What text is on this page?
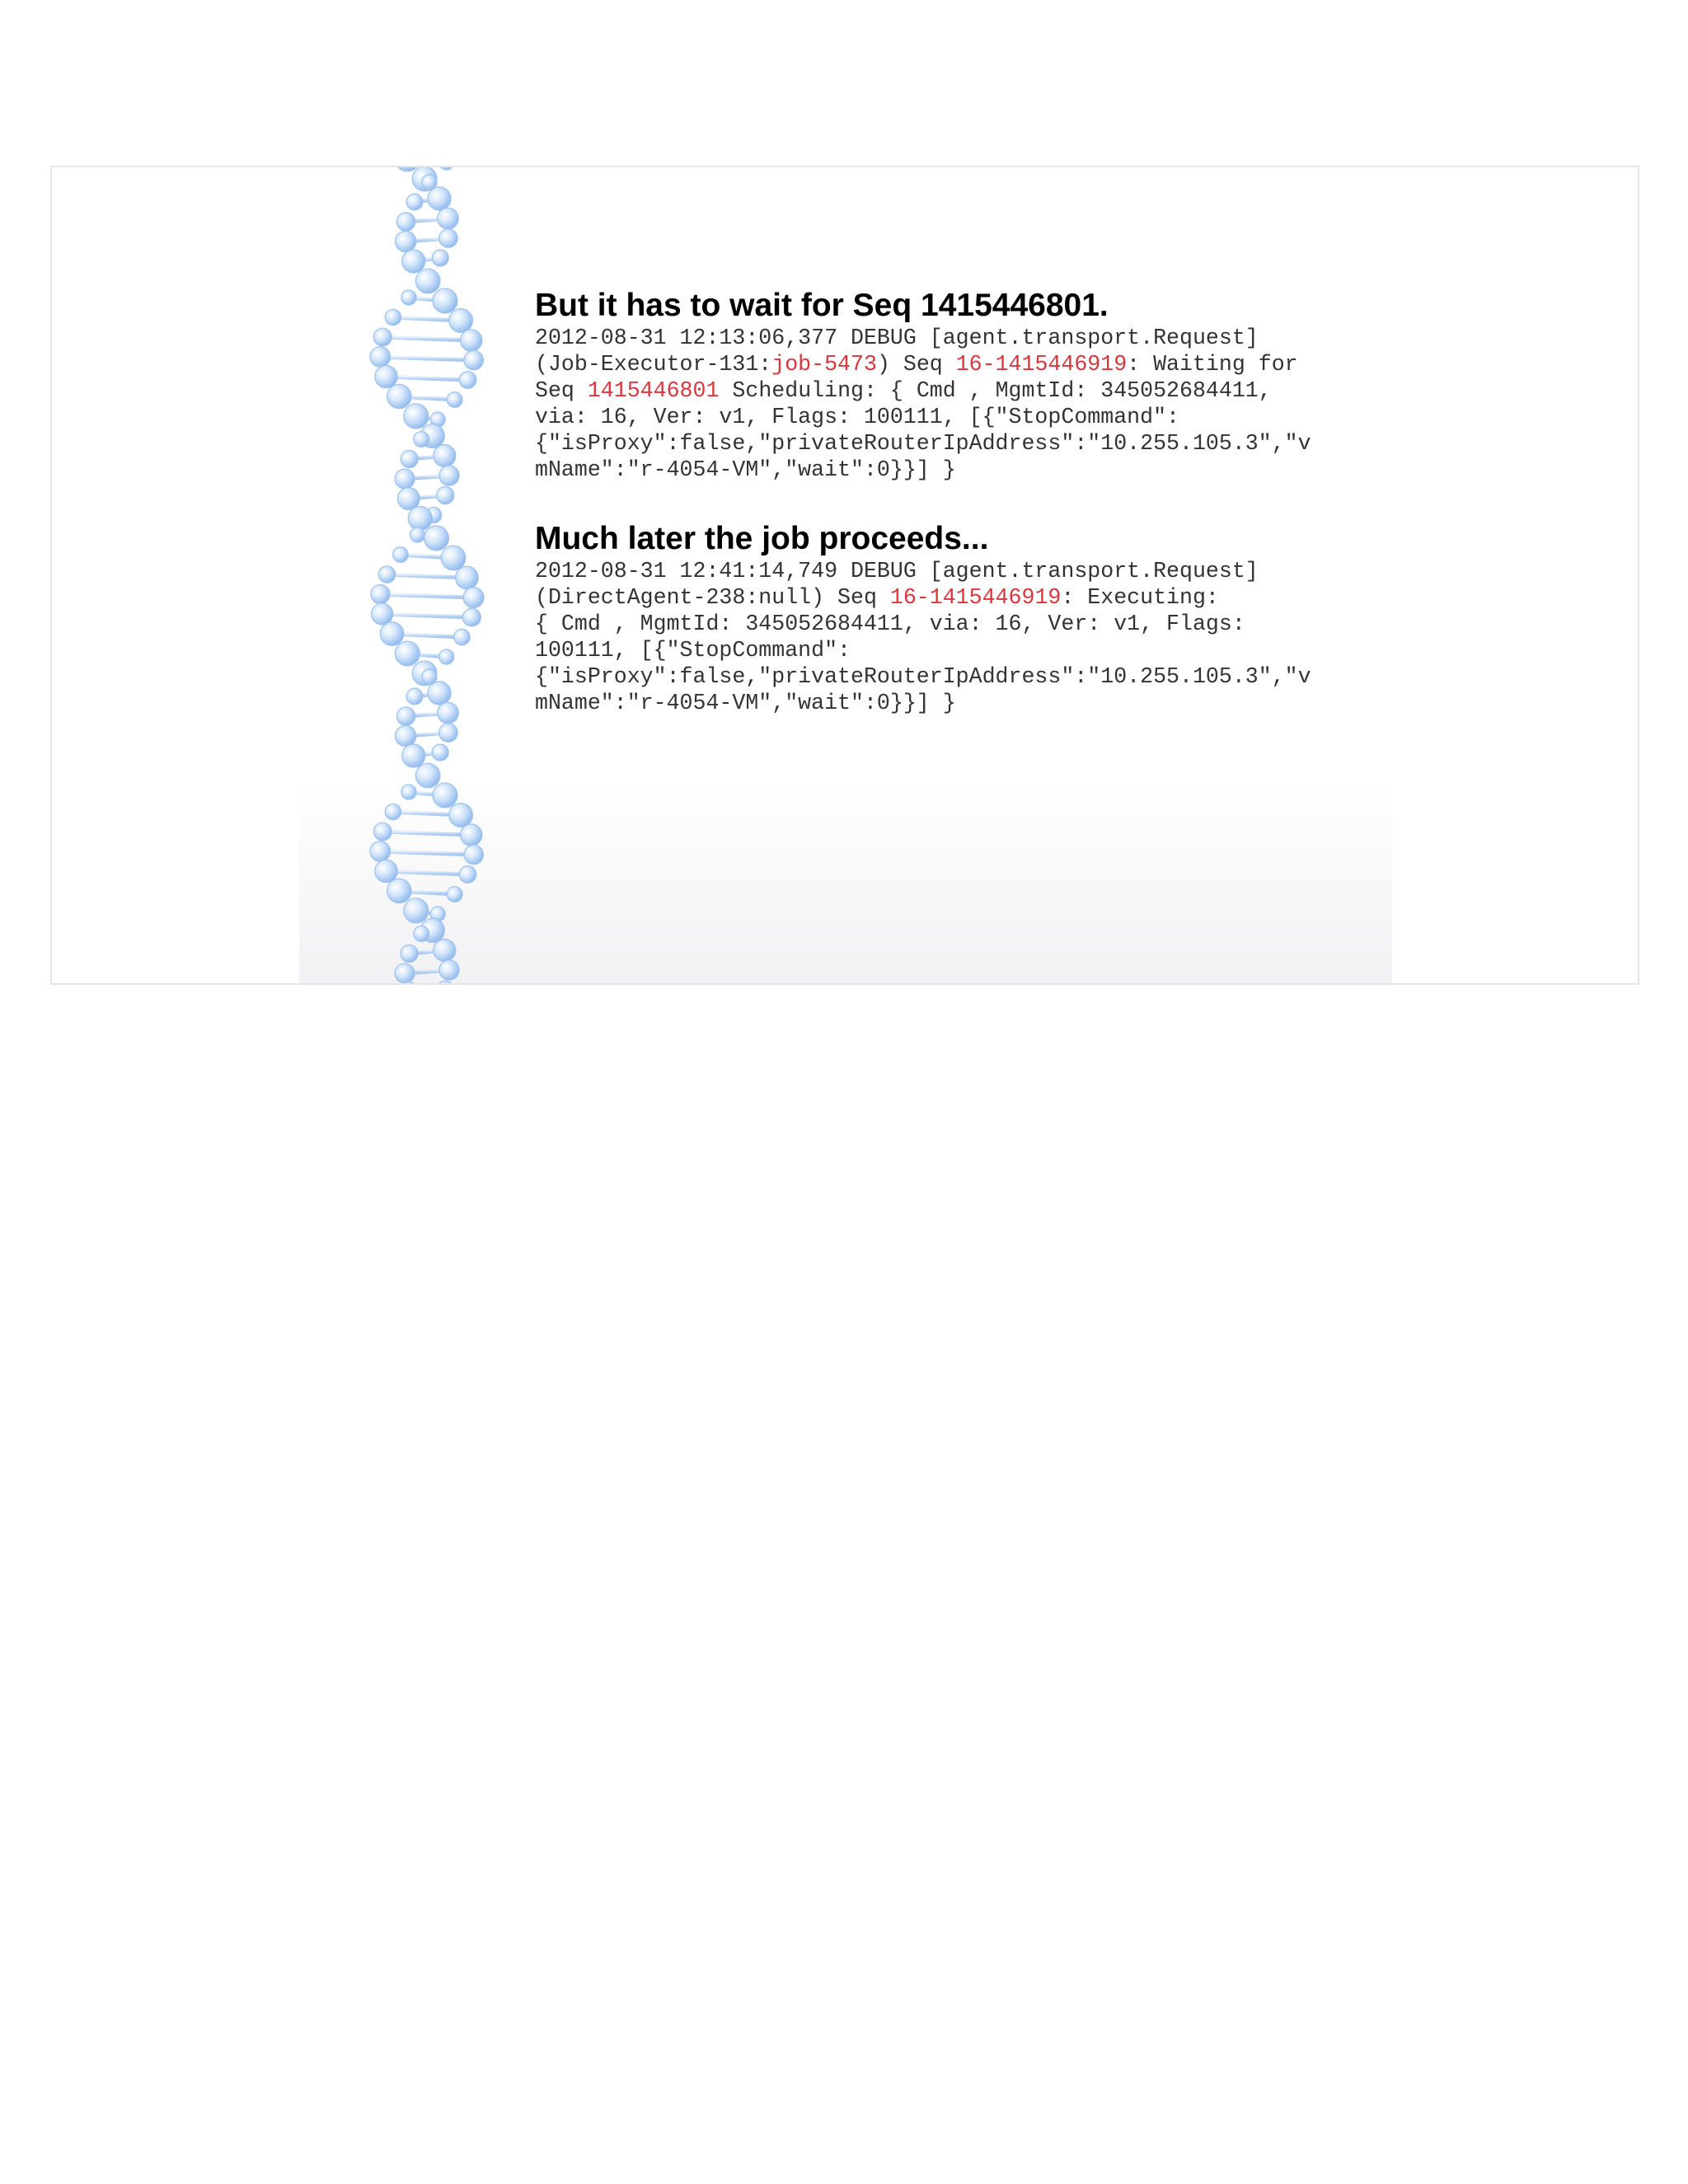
But it has to wait for Seq 1415446801.
2012-08-31 12:13:06,377 DEBUG [agent.transport.Request]
(Job-Executor-131:job-5473) Seq 16-1415446919: Waiting for
Seq 1415446801 Scheduling: { Cmd , MgmtId: 345052684411,
via: 16, Ver: v1, Flags: 100111, [{"StopCommand":
{"isProxy":false,"privateRouterIpAddress":"10.255.105.3","v
mName":"r-4054-VM","wait":0}}] }
Much later the job proceeds...
2012-08-31 12:41:14,749 DEBUG [agent.transport.Request]
(DirectAgent-238:null) Seq 16-1415446919: Executing:
{ Cmd , MgmtId: 345052684411, via: 16, Ver: v1, Flags:
100111, [{"StopCommand":
{"isProxy":false,"privateRouterIpAddress":"10.255.105.3","v
mName":"r-4054-VM","wait":0}}] }
